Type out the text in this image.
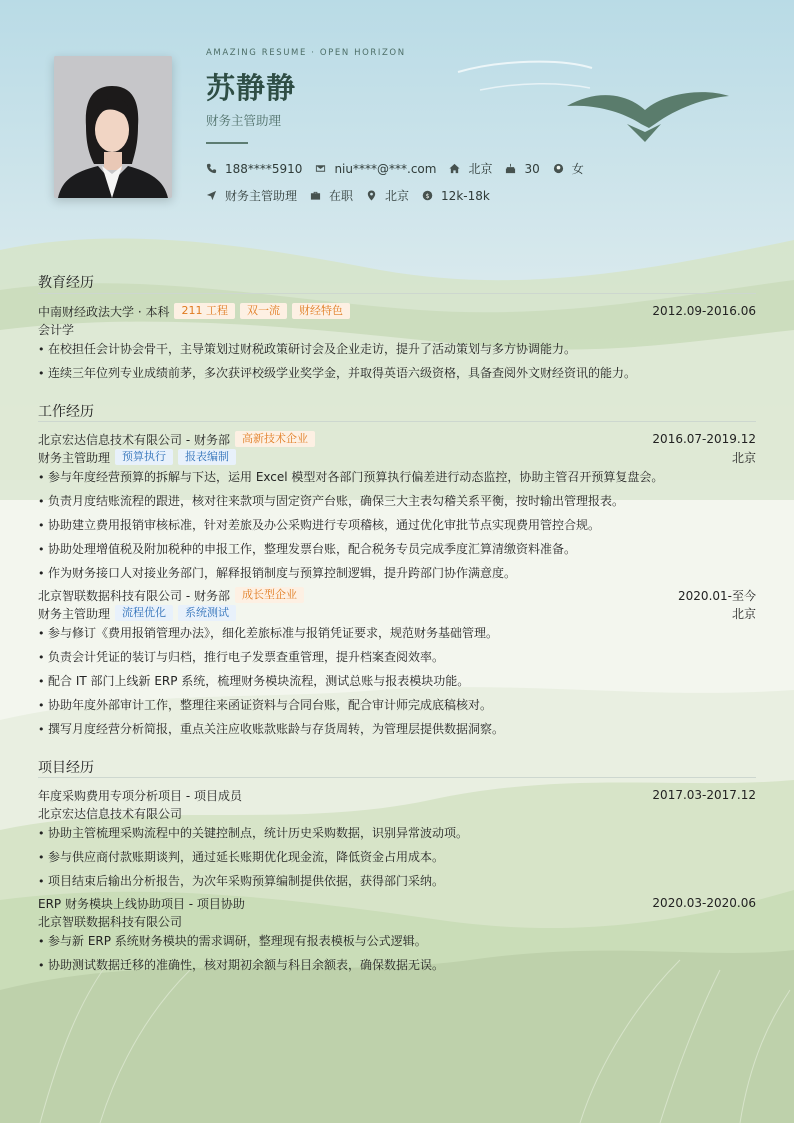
AMAZING RESUME · OPEN HORIZON
苏静静
财务主管助理
188****5910	niu****@***.com	北京	30	女
财务主管助理	在职	北京 $ 12k-18k
教育经历
中南财经政法大学 · 本科	211 工程	双一流	财经特色	2012.09-2016.06
会计学
• 在校担任会计协会骨干，主导策划过财税政策研讨会及企业走访，提升了活动策划与多方协调能力。
• 连续三年位列专业成绩前茅，多次获评校级学业奖学金，并取得英语六级资格，具备查阅外文财经资讯的能力。
工作经历
北京宏达信息技术有限公司 - 财务部	高新技术企业	2016.07-2019.12
财务主管助理	预算执行	报表编制	北京
• 参与年度经营预算的拆解与下达，运用 Excel 模型对各部门预算执行偏差进行动态监控，协助主管召开预算复盘会。
• 负责月度结账流程的跟进，核对往来款项与固定资产台账，确保三大主表勾稽关系平衡，按时输出管理报表。
• 协助建立费用报销审核标准，针对差旅及办公采购进行专项稽核，通过优化审批节点实现费用管控合规。
• 协助处理增值税及附加税种的申报工作，整理发票台账，配合税务专员完成季度汇算清缴资料准备。
• 作为财务接口人对接业务部门，解释报销制度与预算控制逻辑，提升跨部门协作满意度。
北京智联数据科技有限公司 - 财务部	成长型企业	2020.01-至今
财务主管助理	流程优化	系统测试	北京
• 参与修订《费用报销管理办法》，细化差旅标准与报销凭证要求，规范财务基础管理。
• 负责会计凭证的装订与归档，推行电子发票查重管理，提升档案查阅效率。
• 配合 IT 部门上线新 ERP 系统，梳理财务模块流程，测试总账与报表模块功能。
• 协助年度外部审计工作，整理往来函证资料与合同台账，配合审计师完成底稿核对。
• 撰写月度经营分析简报，重点关注应收账款账龄与存货周转，为管理层提供数据洞察。
项目经历
年度采购费用专项分析项目 - 项目成员	2017.03-2017.12
北京宏达信息技术有限公司
• 协助主管梳理采购流程中的关键控制点，统计历史采购数据，识别异常波动项。
• 参与供应商付款账期谈判，通过延长账期优化现金流，降低资金占用成本。
• 项目结束后输出分析报告，为次年采购预算编制提供依据，获得部门采纳。
ERP 财务模块上线协助项目 - 项目协助	2020.03-2020.06
北京智联数据科技有限公司
• 参与新 ERP 系统财务模块的需求调研，整理现有报表模板与公式逻辑。
• 协助测试数据迁移的准确性，核对期初余额与科目余额表，确保数据无误。
